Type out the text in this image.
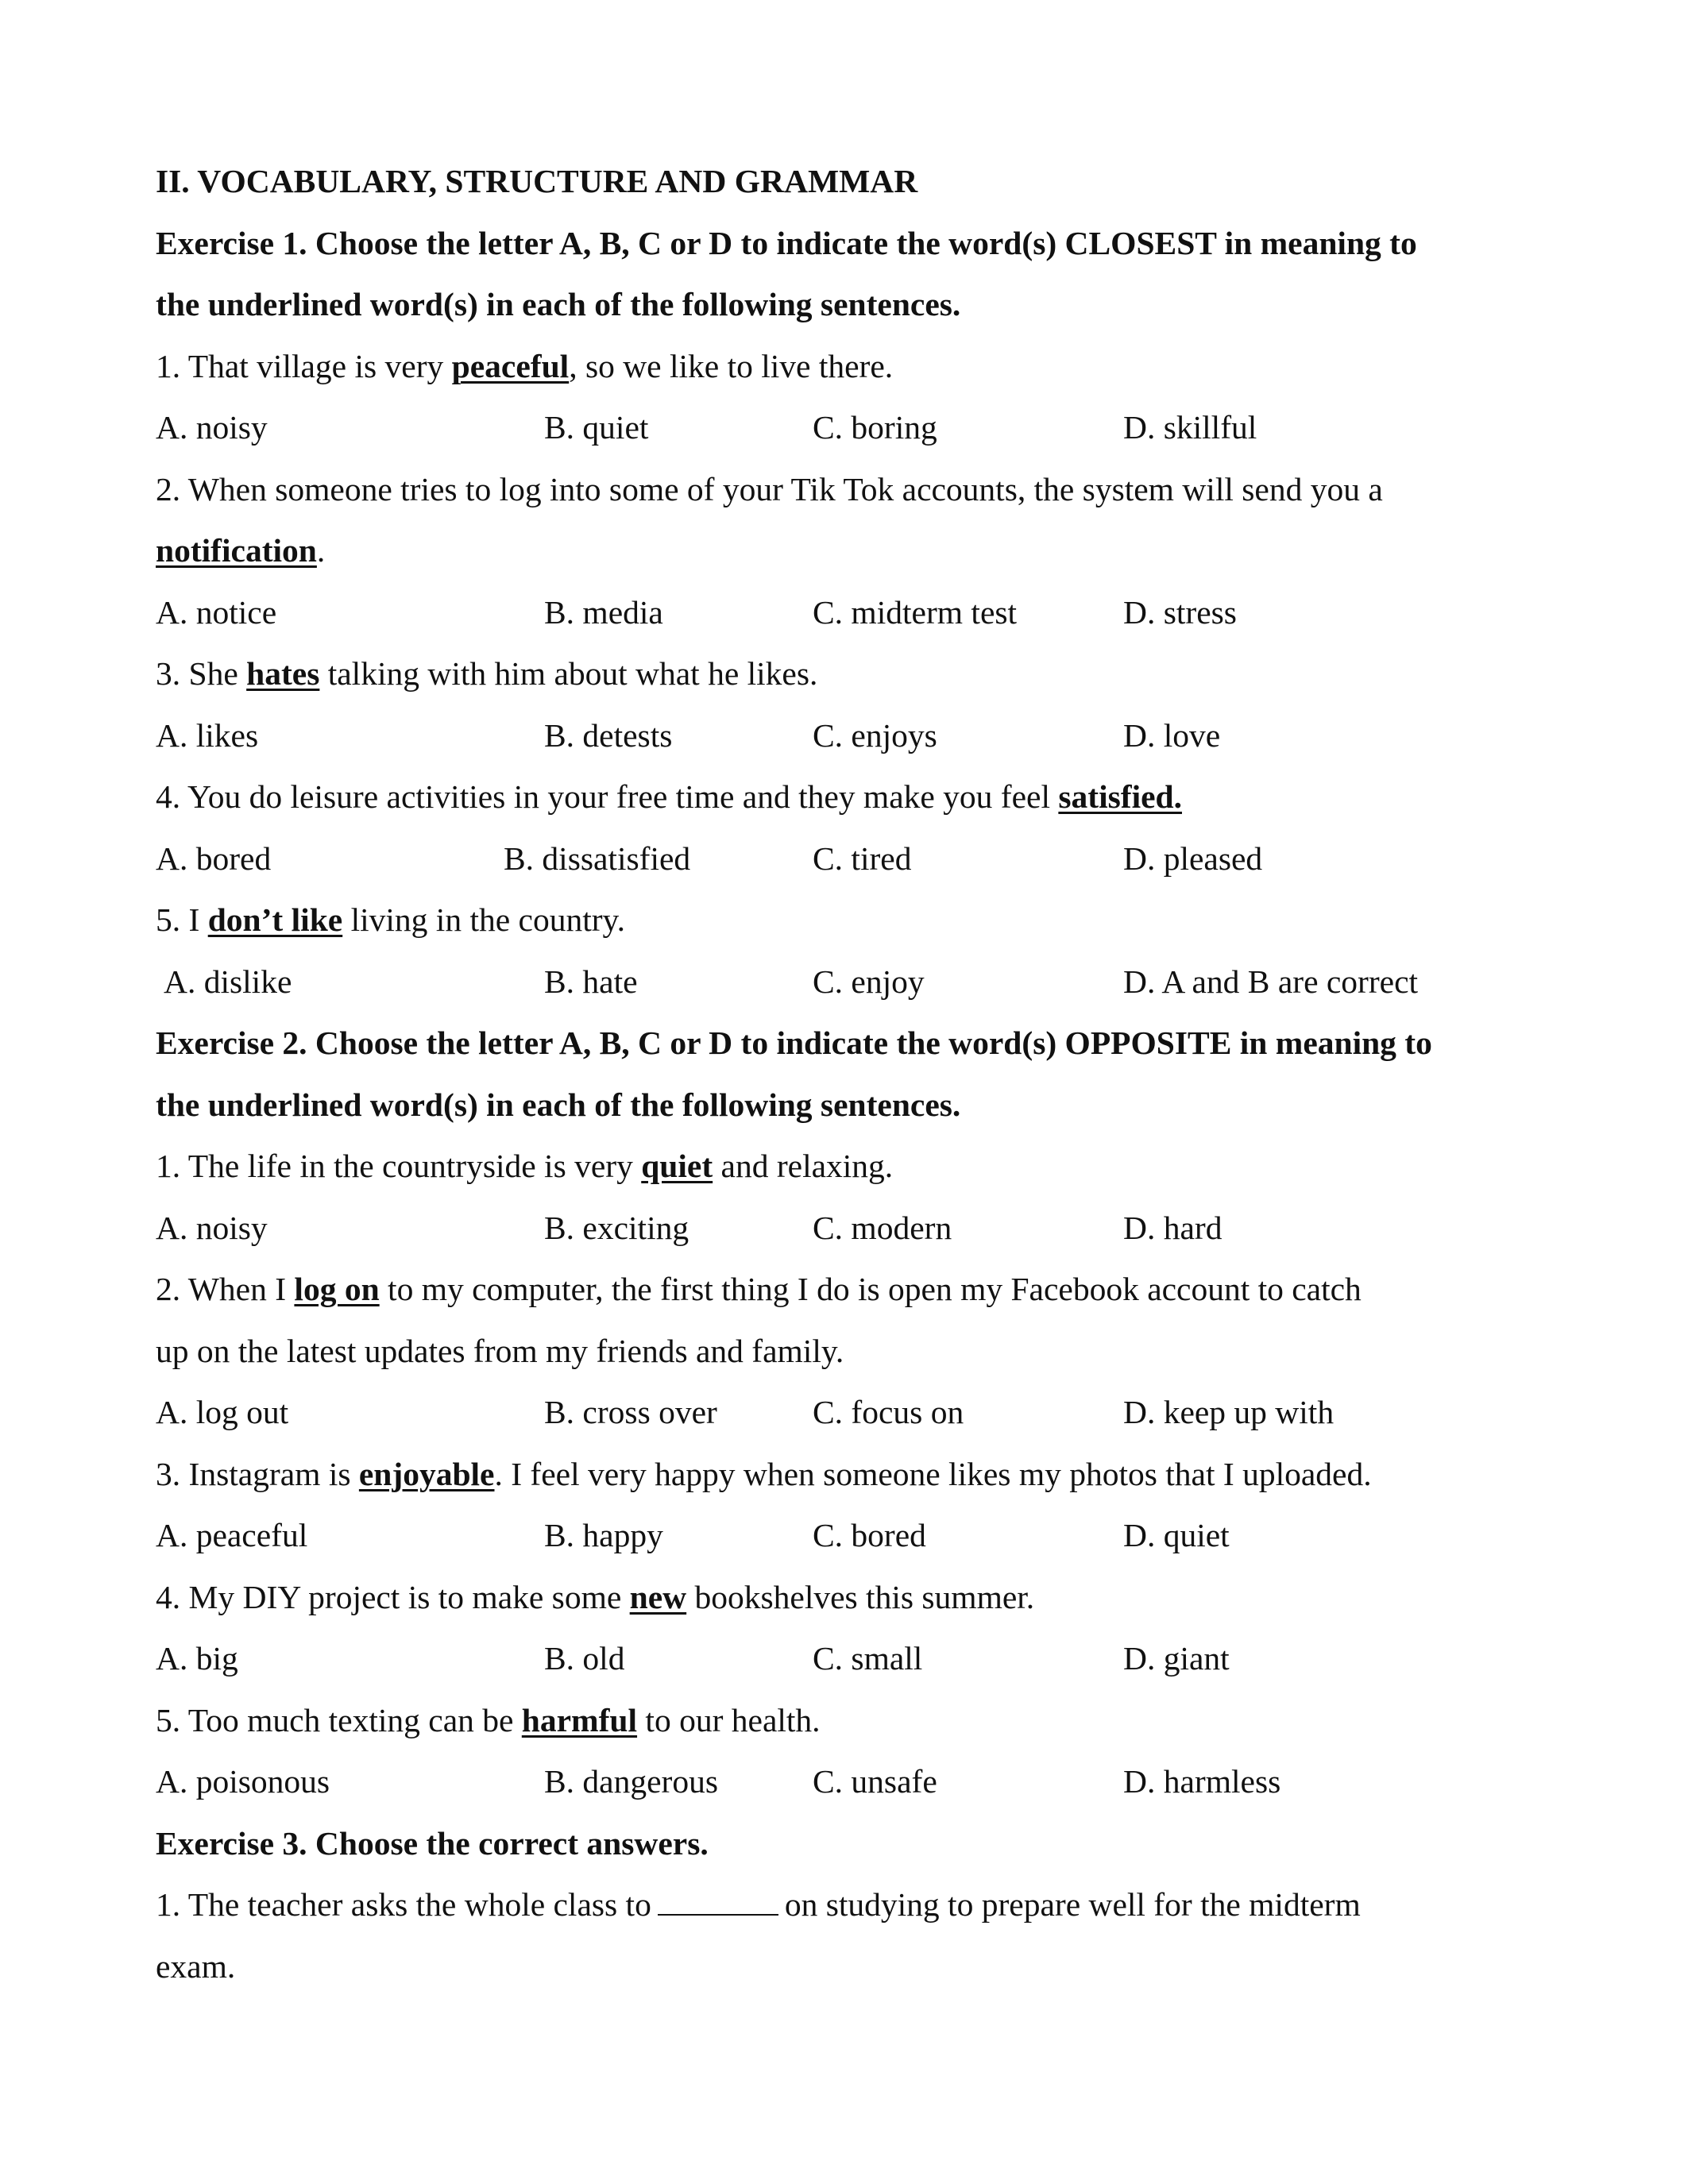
II. VOCABULARY, STRUCTURE AND GRAMMAR
Exercise 1. Choose the letter A, B, C or D to indicate the word(s) CLOSEST in meaning to
the underlined word(s) in each of the following sentences.
1. That village is very peaceful, so we like to live there.
A. noisy	B. quiet	C. boring	D. skillful
2. When someone tries to log into some of your Tik Tok accounts, the system will send you a
notification.
A. notice	B. media	C. midterm test	D. stress
3. She hates talking with him about what he likes.
A. likes	B. detests	C. enjoys	D. love
4. You do leisure activities in your free time and they make you feel satisfied.
A. bored	B. dissatisfied	C. tired	D. pleased
5. I don’t like living in the country.
A. dislike	B. hate	C. enjoy	D. A and B are correct
Exercise 2. Choose the letter A, B, C or D to indicate the word(s) OPPOSITE in meaning to
the underlined word(s) in each of the following sentences.
1. The life in the countryside is very quiet and relaxing.
A. noisy	B. exciting	C. modern	D. hard
2. When I log on to my computer, the first thing I do is open my Facebook account to catch
up on the latest updates from my friends and family.
A. log out	B. cross over	C. focus on	D. keep up with
3. Instagram is enjoyable. I feel very happy when someone likes my photos that I uploaded.
A. peaceful	B. happy	C. bored	D. quiet
4. My DIY project is to make some new bookshelves this summer.
A. big	B. old	C. small	D. giant
5. Too much texting can be harmful to our health.
A. poisonous	B. dangerous	C. unsafe	D. harmless
Exercise 3. Choose the correct answers.
1. The teacher asks the whole class to	on studying to prepare well for the midterm
exam.
